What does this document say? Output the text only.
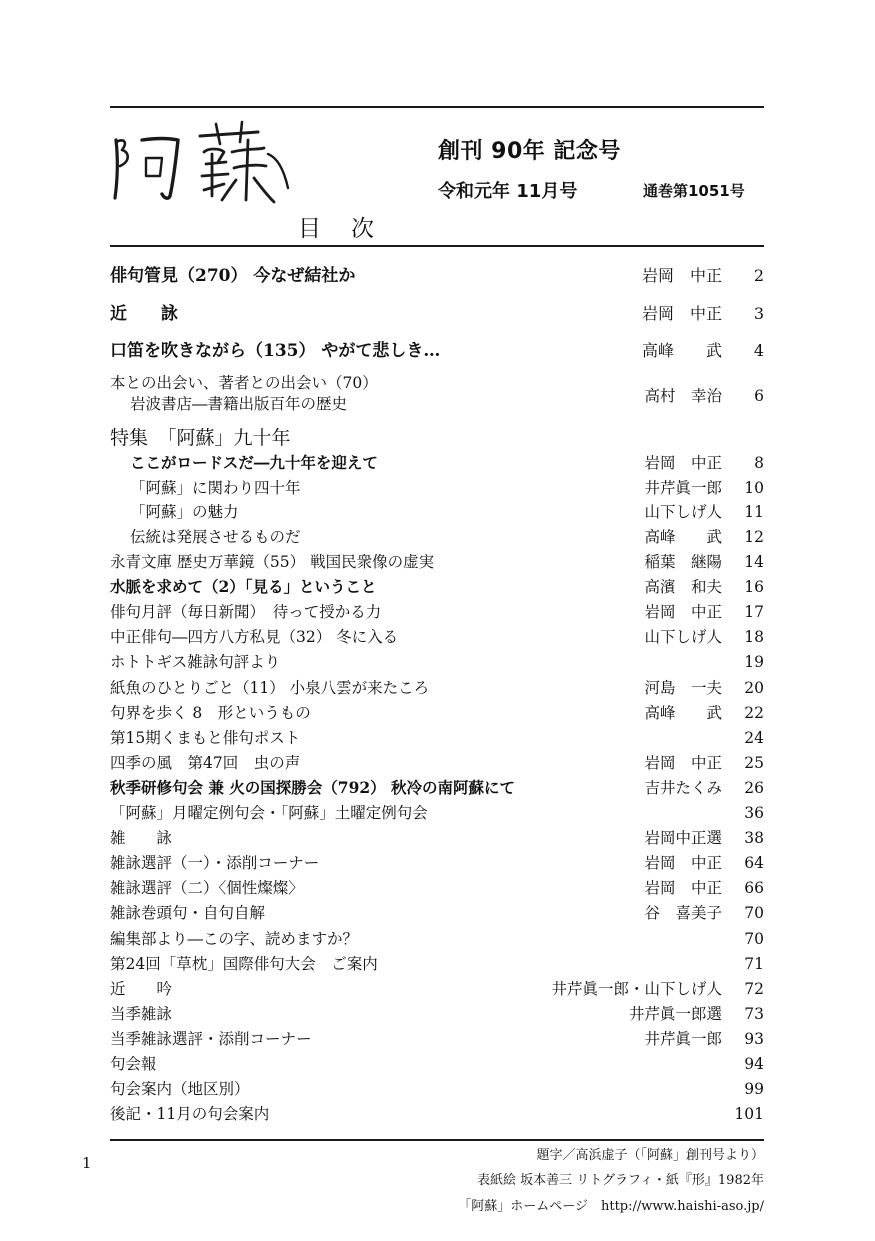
目次
創刊 90年 記念号
令和元年 11月号	通巻第1051号
俳句管見（270） 今なぜ結社か	岩岡　中正	2
近　　詠	岩岡　中正	3
口笛を吹きながら（135） やがて悲しき…	高峰　　武	4
本との出会い、著者との出会い（70）
岩波書店―書籍出版百年の歴史	高村　幸治	6
特集　「阿蘇」九十年
ここがロードスだ―九十年を迎えて	岩岡　中正	8
「阿蘇」に関わり四十年	井芹眞一郎	10
「阿蘇」の魅力	山下しげ人	11
伝統は発展させるものだ	高峰　　武	12
永青文庫 歴史万華鏡（55） 戦国民衆像の虚実	稲葉　継陽	14
水脈を求めて（2）「見る」ということ	高濱　和夫	16
俳句月評（毎日新聞）　待って授かる力	岩岡　中正	17
中正俳句―四方八方私見（32） 冬に入る	山下しげ人	18
ホトトギス雑詠句評より	19
紙魚のひとりごと（11） 小泉八雲が来たころ	河島　一夫	20
句界を歩く 8　形というもの	高峰　　武	22
第15期くまもと俳句ポスト	24
四季の風　第47回　虫の声	岩岡　中正	25
秋季研修句会 兼 火の国探勝会（792） 秋冷の南阿蘇にて	吉井たくみ	26
「阿蘇」月曜定例句会・「阿蘇」土曜定例句会	36
雑　　詠	岩岡中正選	38
雑詠選評（一）・添削コーナー	岩岡　中正	64
雑詠選評（二）〈個性燦燦〉	岩岡　中正	66
雑詠巻頭句・自句自解	谷　喜美子	70
編集部より―この字、読めますか？	70
第24回「草枕」国際俳句大会　ご案内	71
近　　吟	井芹眞一郎・山下しげ人	72
当季雑詠	井芹眞一郎選	73
当季雑詠選評・添削コーナー	井芹眞一郎	93
句会報	94
句会案内（地区別）	99
後記・11月の句会案内	101
題字／高浜虚子（「阿蘇」創刊号より）
表紙絵 坂本善三 リトグラフィ・紙『形』1982年
「阿蘇」ホームページ　http://www.haishi-aso.jp/
1
